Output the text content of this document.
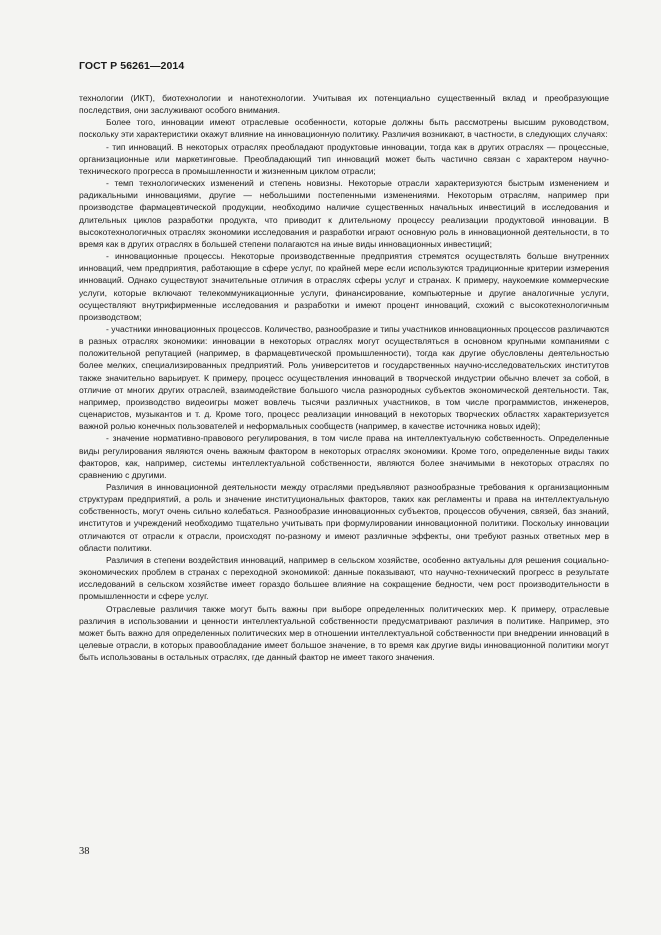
ГОСТ Р 56261—2014

технологии (ИКТ), биотехнологии и нанотехнологии. Учитывая их потенциально существенный вклад и преобразующие последствия, они заслуживают особого внимания.

Более того, инновации имеют отраслевые особенности, которые должны быть рассмотрены высшим руководством, поскольку эти характеристики окажут влияние на инновационную политику. Различия возникают, в частности, в следующих случаях:

- тип инноваций. В некоторых отраслях преобладают продуктовые инновации, тогда как в других отраслях — процессные, организационные или маркетинговые. Преобладающий тип инноваций может быть частично связан с характером научно-технического прогресса в промышленности и жизненным циклом отрасли;

- темп технологических изменений и степень новизны. Некоторые отрасли характеризуются быстрым изменением и радикальными инновациями, другие — небольшими постепенными изменениями. Некоторым отраслям, например при производстве фармацевтической продукции, необходимо наличие существенных начальных инвестиций в исследования и длительных циклов разработки продукта, что приводит к длительному процессу реализации продуктовой инновации. В высокотехнологичных отраслях экономики исследования и разработки играют основную роль в инновационной деятельности, в то время как в других отраслях в большей степени полагаются на иные виды инновационных инвестиций;

- инновационные процессы. Некоторые производственные предприятия стремятся осуществлять больше внутренних инноваций, чем предприятия, работающие в сфере услуг, по крайней мере если используются традиционные критерии измерения инноваций. Однако существуют значительные отличия в отраслях сферы услуг и странах. К примеру, наукоемкие коммерческие услуги, которые включают телекоммуникационные услуги, финансирование, компьютерные и другие аналогичные услуги, осуществляют внутрифирменные исследования и разработки и имеют процент инноваций, схожий с высокотехнологичным производством;

- участники инновационных процессов. Количество, разнообразие и типы участников инновационных процессов различаются в разных отраслях экономики: инновации в некоторых отраслях могут осуществляться в основном крупными компаниями с положительной репутацией (например, в фармацевтической промышленности), тогда как другие обусловлены деятельностью более мелких, специализированных предприятий. Роль университетов и государственных научно-исследовательских институтов также значительно варьирует. К примеру, процесс осуществления инноваций в творческой индустрии обычно влечет за собой, в отличие от многих других отраслей, взаимодействие большого числа разнородных субъектов экономической деятельности. Так, например, производство видеоигры может вовлечь тысячи различных участников, в том числе программистов, инженеров, сценаристов, музыкантов и т. д. Кроме того, процесс реализации инноваций в некоторых творческих областях характеризуется важной ролью конечных пользователей и неформальных сообществ (например, в качестве источника новых идей);

- значение нормативно-правового регулирования, в том числе права на интеллектуальную собственность. Определенные виды регулирования являются очень важным фактором в некоторых отраслях экономики. Кроме того, определенные виды таких факторов, как, например, системы интеллектуальной собственности, являются более значимыми в некоторых отраслях по сравнению с другими.

Различия в инновационной деятельности между отраслями предъявляют разнообразные требования к организационным структурам предприятий, а роль и значение институциональных факторов, таких как регламенты и права на интеллектуальную собственность, могут очень сильно колебаться. Разнообразие инновационных субъектов, процессов обучения, связей, баз знаний, институтов и учреждений необходимо тщательно учитывать при формулировании инновационной политики. Поскольку инновации отличаются от отрасли к отрасли, происходят по-разному и имеют различные эффекты, они требуют разных ответных мер в области политики.

Различия в степени воздействия инноваций, например в сельском хозяйстве, особенно актуальны для решения социально-экономических проблем в странах с переходной экономикой: данные показывают, что научно-технический прогресс в результате исследований в сельском хозяйстве имеет гораздо большее влияние на сокращение бедности, чем рост производительности в промышленности и сфере услуг.

Отраслевые различия также могут быть важны при выборе определенных политических мер. К примеру, отраслевые различия в использовании и ценности интеллектуальной собственности предусматривают различия в политике. Например, это может быть важно для определенных политических мер в отношении интеллектуальной собственности при внедрении инноваций в целевые отрасли, в которых правообладание имеет большое значение, в то время как другие виды инновационной политики могут быть использованы в остальных отраслях, где данный фактор не имеет такого значения.

38
